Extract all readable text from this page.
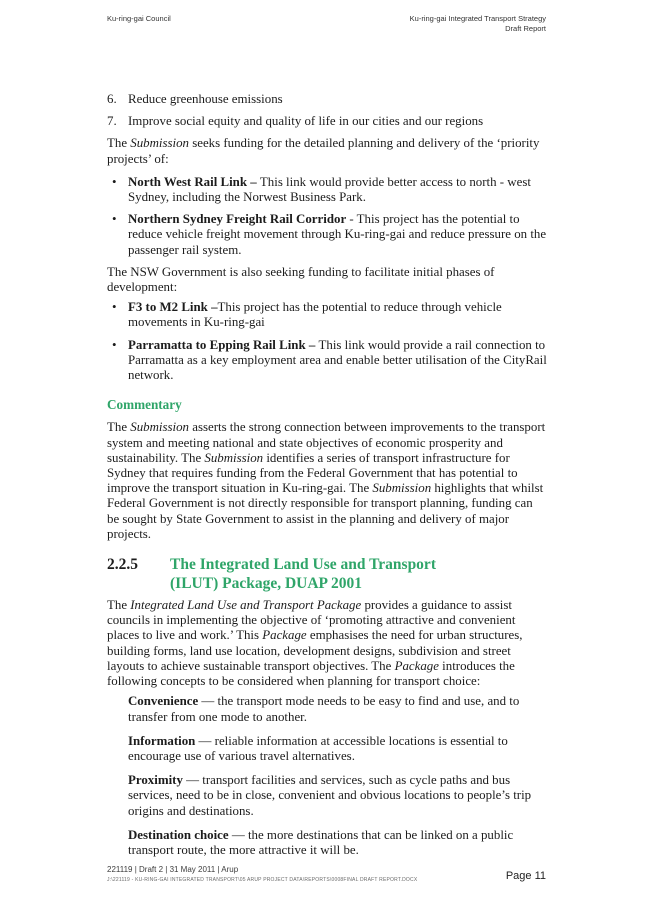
Ku-ring-gai Council	Ku-ring-gai Integrated Transport Strategy
Draft Report
6. Reduce greenhouse emissions
7. Improve social equity and quality of life in our cities and our regions

The Submission seeks funding for the detailed planning and delivery of the ‘priority projects’ of:

• North West Rail Link – This link would provide better access to north - west Sydney, including the Norwest Business Park.
• Northern Sydney Freight Rail Corridor - This project has the potential to reduce vehicle freight movement through Ku-ring-gai and reduce pressure on the passenger rail system.

The NSW Government is also seeking funding to facilitate initial phases of development:

• F3 to M2 Link –This project has the potential to reduce through vehicle movements in Ku-ring-gai
• Parramatta to Epping Rail Link – This link would provide a rail connection to Parramatta as a key employment area and enable better utilisation of the CityRail network.
Commentary

The Submission asserts the strong connection between improvements to the transport system and meeting national and state objectives of economic prosperity and sustainability. The Submission identifies a series of transport infrastructure for Sydney that requires funding from the Federal Government that has potential to improve the transport situation in Ku-ring-gai. The Submission highlights that whilst Federal Government is not directly responsible for transport planning, funding can be sought by State Government to assist in the planning and delivery of major projects.

2.2.5	The Integrated Land Use and Transport (ILUT) Package, DUAP 2001

The Integrated Land Use and Transport Package provides a guidance to assist councils in implementing the objective of ‘promoting attractive and convenient places to live and work.’ This Package emphasises the need for urban structures, building forms, land use location, development designs, subdivision and street layouts to achieve sustainable transport objectives. The Package introduces the following concepts to be considered when planning for transport choice:

Convenience — the transport mode needs to be easy to find and use, and to transfer from one mode to another.

Information — reliable information at accessible locations is essential to encourage use of various travel alternatives.

Proximity — transport facilities and services, such as cycle paths and bus services, need to be in close, convenient and obvious locations to people’s trip origins and destinations.

Destination choice — the more destinations that can be linked on a public transport route, the more attractive it will be.

221119 | Draft 2 | 31 May 2011 | Arup
J:\221119 - KU-RING-GAI INTEGRATED TRANSPORT\05 ARUP PROJECT DATA\REPORTS\0008FINAL DRAFT REPORT.DOCX	Page 11
